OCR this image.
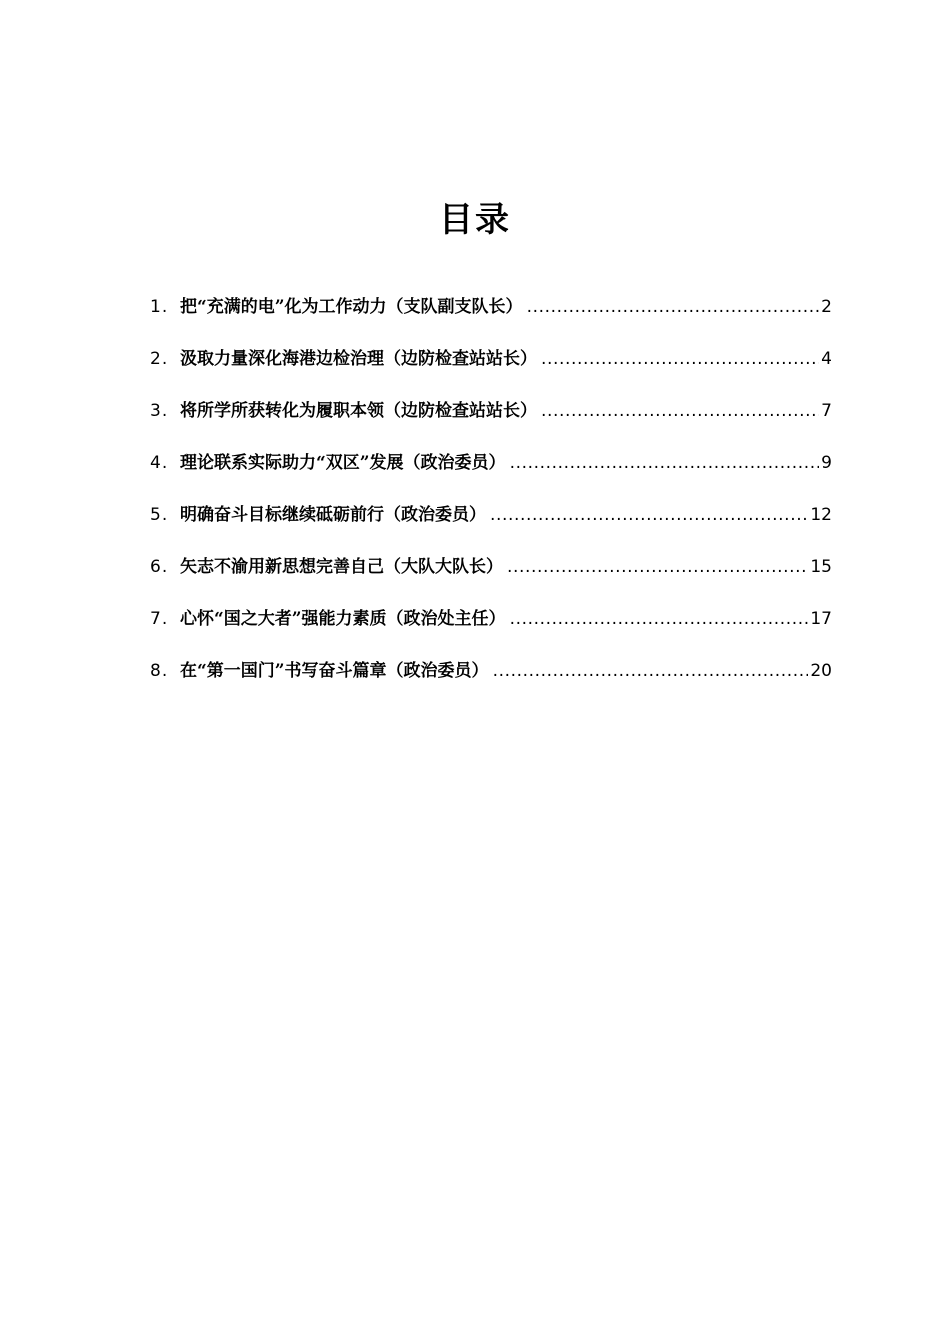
目录
1. 把“充满的电”化为工作动力（支队副支队长） .....	2
2. 汲取力量深化海港边检治理（边防检查站站长） .....	4
3. 将所学所获转化为履职本领（边防检查站站长） .....	7
4. 理论联系实际助力“双区”发展（政治委员） .....	9
5. 明确奋斗目标继续砥砺前行（政治委员） .....	12
6. 矢志不渝用新思想完善自己（大队大队长） .....	15
7. 心怀“国之大者”强能力素质（政治处主任） .....	17
8. 在“第一国门”书写奋斗篇章（政治委员） .....	20
